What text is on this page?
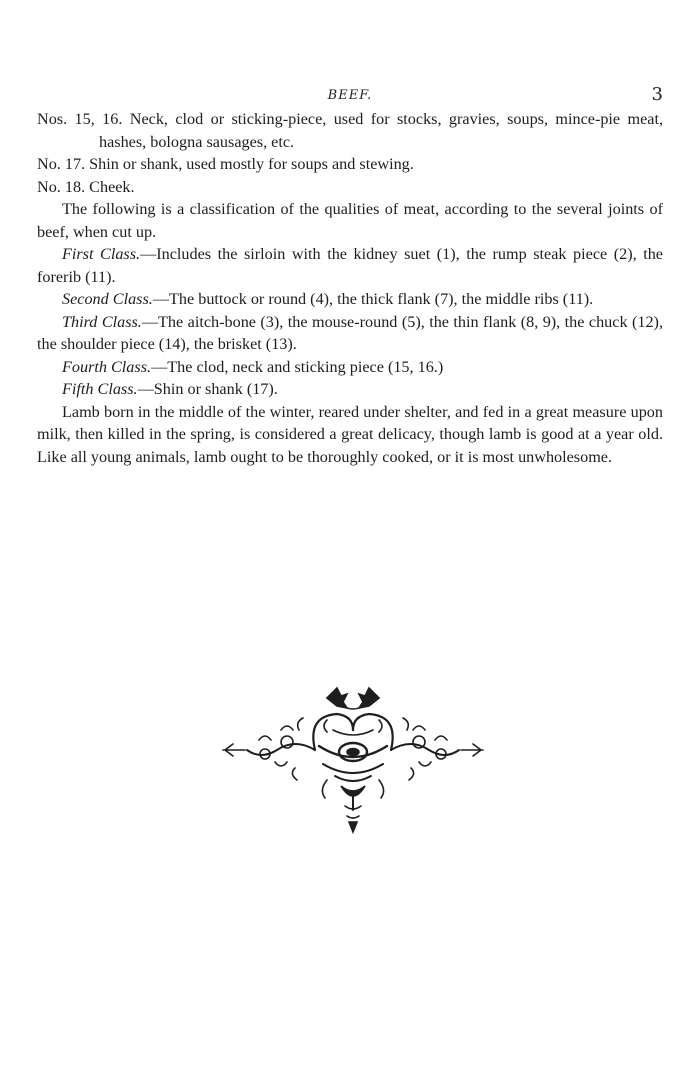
BEEF.	3

Nos. 15, 16. Neck, clod or sticking-piece, used for stocks, gravies, soups, mince-pie meat, hashes, bologna sausages, etc.

No. 17. Shin or shank, used mostly for soups and stewing.

No. 18. Cheek.

The following is a classification of the qualities of meat, according to the several joints of beef, when cut up.

First Class.—Includes the sirloin with the kidney suet (1), the rump steak piece (2), the forerib (11).

Second Class.—The buttock or round (4), the thick flank (7), the middle ribs (11).

Third Class.—The aitch-bone (3), the mouse-round (5), the thin flank (8, 9), the chuck (12), the shoulder piece (14), the brisket (13).

Fourth Class.—The clod, neck and sticking piece (15, 16.)

Fifth Class.—Shin or shank (17).

Lamb born in the middle of the winter, reared under shelter, and fed in a great measure upon milk, then killed in the spring, is considered a great delicacy, though lamb is good at a year old. Like all young animals, lamb ought to be thoroughly cooked, or it is most unwholesome.
